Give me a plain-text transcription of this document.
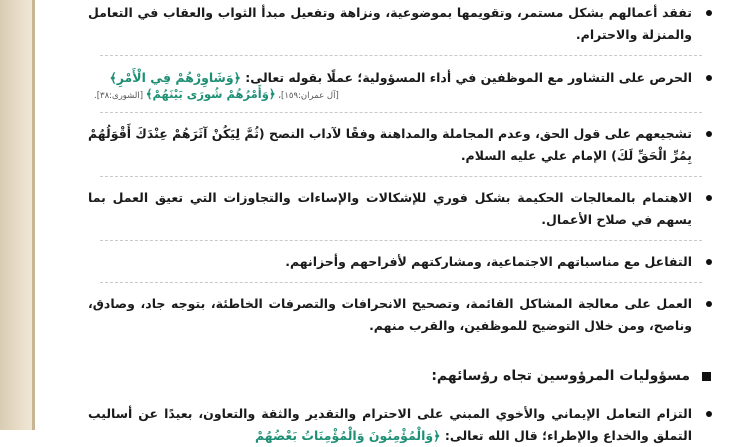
تفقد أعمالهم بشكل مستمر، وتقويمها بموضوعية، ونزاهة وتفعيل مبدأ الثواب والعقاب في التعامل والمنزلة والاحترام.
الحرص على التشاور مع الموظفين في أداء المسؤولية؛ عملًا بقوله تعالى: ﴿وَشَاوِرْهُمْ فِي الْأَمْرِ﴾
[آل عمران:١٥٩]، ﴿وَأَمْرُهُمْ شُورَى بَيْنَهُمْ﴾ [الشورى:٣٨].
تشجيعهم على قول الحق، وعدم المجاملة والمداهنة وفقًا لآداب النصح (ثُمَّ لِيَكُنْ آثَرَهُمْ عِنْدَكَ أَقْوَلُهُمْ بِمُرِّ الْحَقِّ لَكَ) الإمام علي عليه السلام.
الاهتمام بالمعالجات الحكيمة بشكل فوري للإشكالات والإساءات والتجاوزات التي تعيق العمل بما يسهم في صلاح الأعمال.
التفاعل مع مناسباتهم الاجتماعية، ومشاركتهم لأفراحهم وأحزانهم.
العمل على معالجة المشاكل القائمة، وتصحيح الانحرافات والتصرفات الخاطئة، بتوجه جاد، وصادق، وناصح، ومن خلال التوضيح للموظفين، والقرب منهم.
مسؤوليات المرؤوسين تجاه رؤسائهم:
التزام التعامل الإيماني والأخوي المبني على الاحترام والتقدير والثقة والتعاون، بعيدًا عن أساليب التملق والخداع والإطراء؛ قال الله تعالى: ﴿وَالْمُؤْمِنُونَ وَالْمُؤْمِنَاتُ بَعْضُهُمْ
